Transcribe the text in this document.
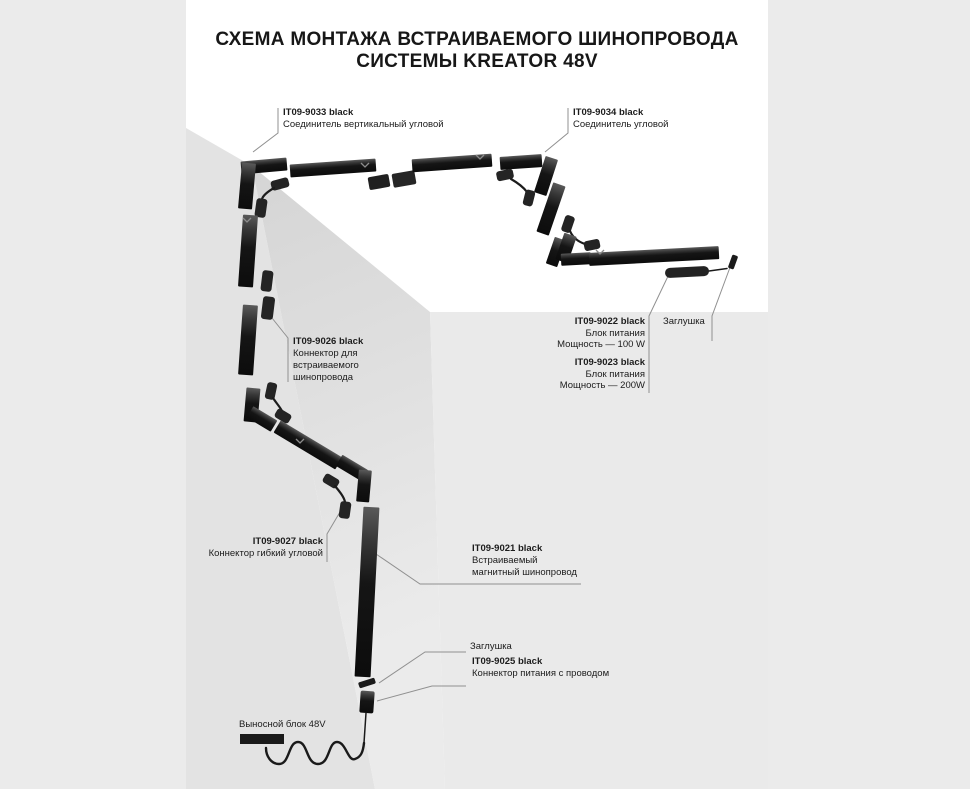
СХЕМА МОНТАЖА ВСТРАИВАЕМОГО ШИНОПРОВОДА
СИСТЕМЫ KREATOR 48V
IT09-9033 black
Соединитель вертикальный угловой
IT09-9034 black
Соединитель угловой
IT09-9026 black
Коннектор для
встраиваемого
шинопровода
IT09-9022 black
Блок питания
Мощность — 100 W
IT09-9023 black
Блок питания
Мощность — 200W
Заглушка
IT09-9027 black
Коннектор гибкий угловой	IT09-9021 black
Встраиваемый
магнитный шинопровод
Заглушка
IT09-9025 black
Коннектор питания с проводом
Выносной блок 48V
